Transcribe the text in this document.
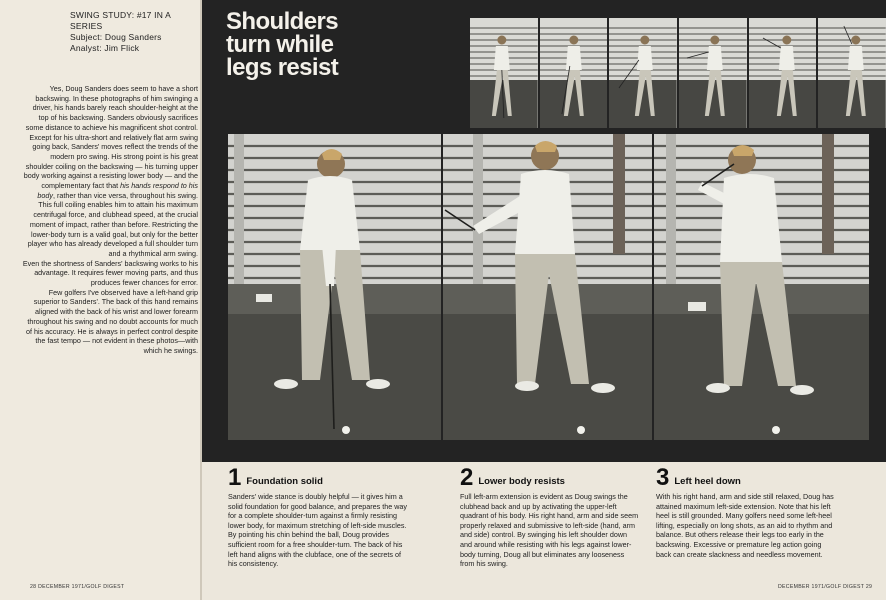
SWING STUDY: #17 IN A SERIES
Subject: Doug Sanders
Analyst: Jim Flick

Yes, Doug Sanders does seem to have a short backswing. In these photographs of him swinging a driver, his hands barely reach shoulder-height at the top of his backswing. Sanders obviously sacrifices some distance to achieve his magnificent shot control.

Except for his ultra-short and relatively flat arm swing going back, Sanders' moves reflect the trends of the modern pro swing. His strong point is his great shoulder coiling on the backswing — his turning upper body working against a resisting lower body — and the complementary fact that his hands respond to his body, rather than vice versa, throughout his swing. This full coiling enables him to attain his maximum centrifugal force, and clubhead speed, at the crucial moment of impact, rather than before. Restricting the lower-body turn is a valid goal, but only for the better player who has already developed a full shoulder turn and a rhythmical arm swing.

Even the shortness of Sanders' backswing works to his advantage. It requires fewer moving parts, and thus produces fewer chances for error.

Few golfers I've observed have a left-hand grip superior to Sanders'. The back of this hand remains aligned with the back of his wrist and lower forearm throughout his swing and no doubt accounts for much of his accuracy. He is always in perfect control despite the fast tempo — not evident in these photos—with which he swings.

Shoulders
turn while
legs resist
1 Foundation solid
Sanders' wide stance is doubly helpful — it gives him a solid foundation for good balance, and prepares the way for a complete shoulder-turn against a firmly resisting lower body, for maximum stretching of left-side muscles. By pointing his chin behind the ball, Doug provides sufficient room for a free shoulder-turn. The back of his left hand aligns with the clubface, one of the secrets of his consistency.
2 Lower body resists
Full left-arm extension is evident as Doug swings the clubhead back and up by activating the upper-left quadrant of his body. His right hand, arm and side seem properly relaxed and submissive to left-side (hand, arm and side) control. By swinging his left shoulder down and around while resisting with his legs against lower-body turning, Doug all but eliminates any looseness from his swing.
3 Left heel down
With his right hand, arm and side still relaxed, Doug has attained maximum left-side extension. Note that his left heel is still grounded. Many golfers need some left-heel lifting, especially on long shots, as an aid to rhythm and balance. But others release their legs too early in the backswing. Excessive or premature leg action going back can create slackness and needless movement.
28 DECEMBER 1971/GOLF DIGEST	DECEMBER 1971/GOLF DIGEST 29
